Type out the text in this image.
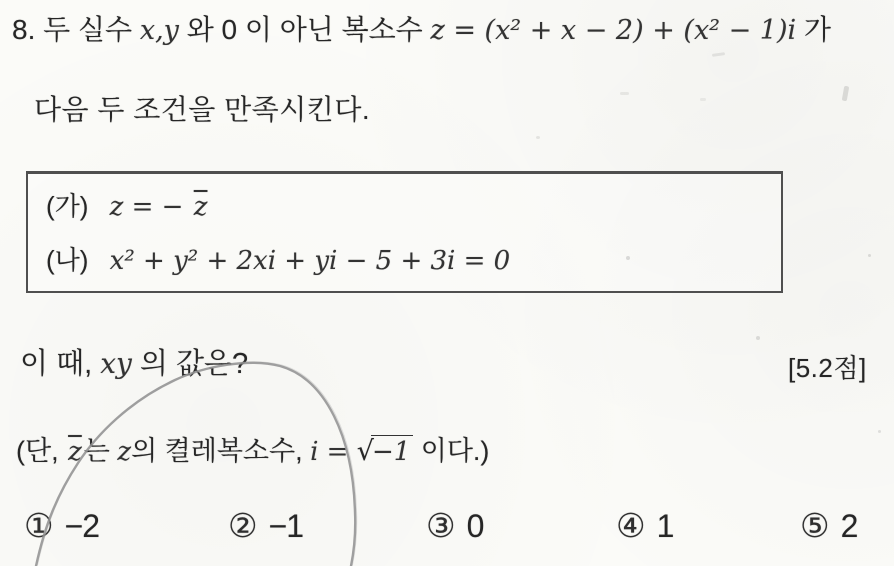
8. 두 실수 x,y 와 0 이 아닌 복소수 z = (x² + x − 2) + (x² − 1)i 가
다음 두 조건을 만족시킨다.
(가) z = − $\overline{z}$
(나) x² + y² + 2xi + yi − 5 + 3i = 0
이 때, xy 의 값은?	[5.2점]
(단, $\overline{z}$는 z의 켤레복소수, i = √−1 이다.)
① −2	② −1	③ 0	④ 1	⑤ 2
